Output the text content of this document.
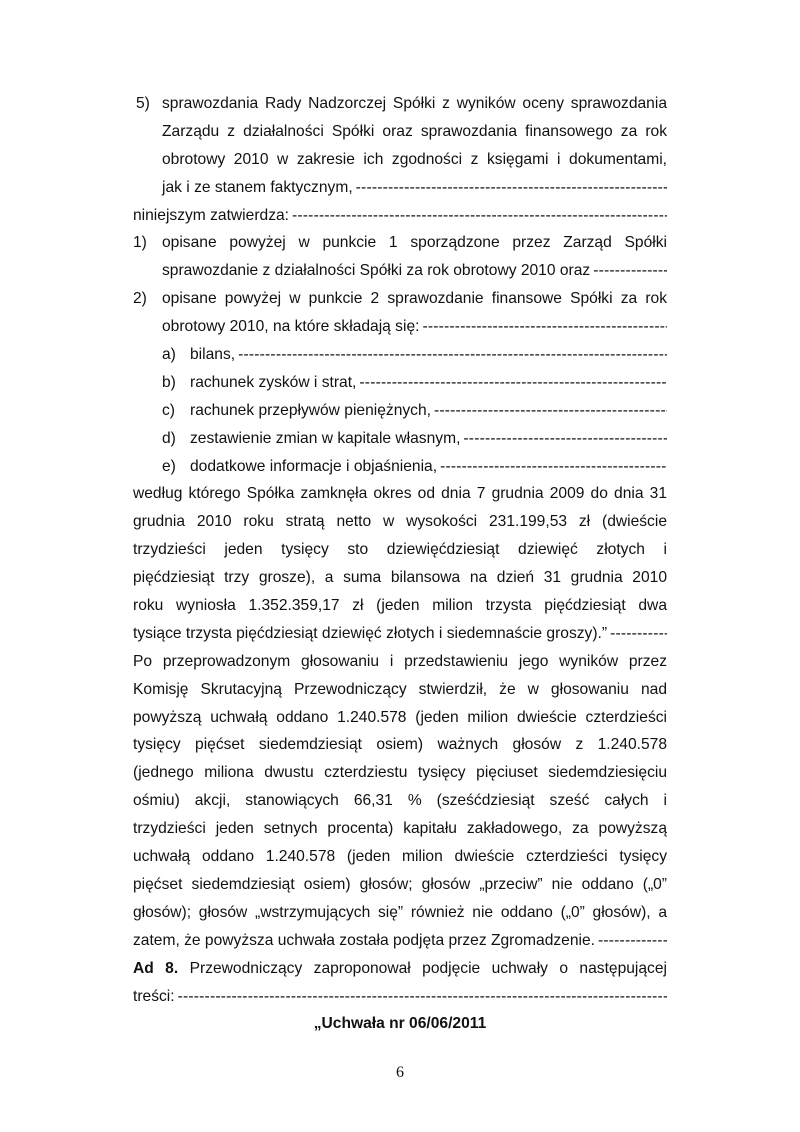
5) sprawozdania Rady Nadzorczej Spółki z wyników oceny sprawozdania
Zarządu z działalności Spółki oraz sprawozdania finansowego za rok
obrotowy 2010 w zakresie ich zgodności z księgami i dokumentami,
jak i ze stanem faktycznym,
-----
niniejszym zatwierdza:
-----
1) opisane powyżej w punkcie 1 sporządzone przez Zarząd Spółki
sprawozdanie z działalności Spółki za rok obrotowy 2010 oraz
-----
2) opisane powyżej w punkcie 2 sprawozdanie finansowe Spółki za rok
obrotowy 2010, na które składają się:
-----
a) bilans,
-----
b) rachunek zysków i strat,
-----
c) rachunek przepływów pieniężnych,
-----
d) zestawienie zmian w kapitale własnym,
-----
e) dodatkowe informacje i objaśnienia,
-----
według którego Spółka zamknęła okres od dnia 7 grudnia 2009 do dnia 31
grudnia 2010 roku stratą netto w wysokości 231.199,53 zł (dwieście
trzydzieści jeden tysięcy sto dziewięćdziesiąt dziewięć złotych i
pięćdziesiąt trzy grosze), a suma bilansowa na dzień 31 grudnia 2010
roku wyniosła 1.352.359,17 zł (jeden milion trzysta pięćdziesiąt dwa
tysiące trzysta pięćdziesiąt dziewięć złotych i siedemnaście groszy).”
-----
Po przeprowadzonym głosowaniu i przedstawieniu jego wyników przez
Komisję Skrutacyjną Przewodniczący stwierdził, że w głosowaniu nad
powyższą uchwałą oddano 1.240.578 (jeden milion dwieście czterdzieści
tysięcy pięćset siedemdziesiąt osiem) ważnych głosów z 1.240.578
(jednego miliona dwustu czterdziestu tysięcy pięciuset siedemdziesięciu
ośmiu) akcji, stanowiących 66,31 % (sześćdziesiąt sześć całych i
trzydzieści jeden setnych procenta) kapitału zakładowego, za powyższą
uchwałą oddano 1.240.578 (jeden milion dwieście czterdzieści tysięcy
pięćset siedemdziesiąt osiem) głosów; głosów „przeciw” nie oddano („0”
głosów); głosów „wstrzymujących się” również nie oddano („0” głosów), a
zatem, że powyższa uchwała została podjęta przez Zgromadzenie.
-----
Ad 8. Przewodniczący zaproponował podjęcie uchwały o następującej
treści:
-----
„Uchwała nr 06/06/2011
6
